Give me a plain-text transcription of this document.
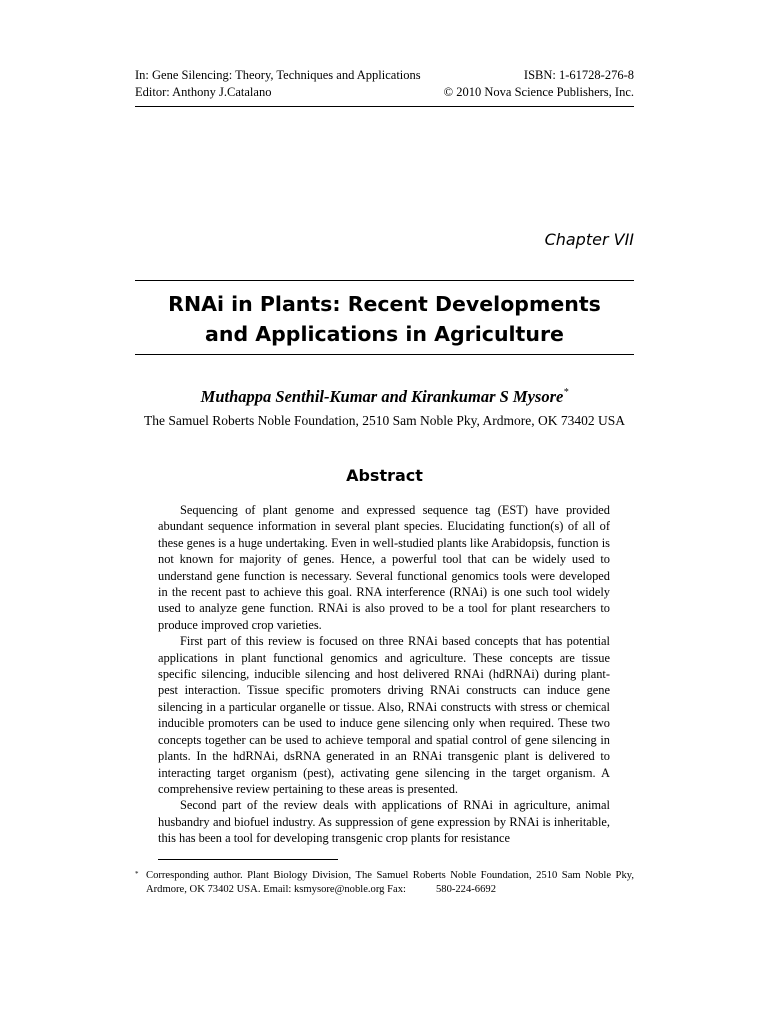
In: Gene Silencing: Theory, Techniques and Applications	ISBN: 1-61728-276-8
Editor: Anthony J.Catalano	© 2010 Nova Science Publishers, Inc.
Chapter VII
RNAi in Plants: Recent Developments
and Applications in Agriculture
Muthappa Senthil-Kumar and Kirankumar S Mysore*
The Samuel Roberts Noble Foundation, 2510 Sam Noble Pky, Ardmore, OK 73402 USA
Abstract

Sequencing of plant genome and expressed sequence tag (EST) have provided abundant sequence information in several plant species. Elucidating function(s) of all of these genes is a huge undertaking. Even in well-studied plants like Arabidopsis, function is not known for majority of genes. Hence, a powerful tool that can be widely used to understand gene function is necessary. Several functional genomics tools were developed in the recent past to achieve this goal. RNA interference (RNAi) is one such tool widely used to analyze gene function. RNAi is also proved to be a tool for plant researchers to produce improved crop varieties.

First part of this review is focused on three RNAi based concepts that has potential applications in plant functional genomics and agriculture. These concepts are tissue specific silencing, inducible silencing and host delivered RNAi (hdRNAi) during plant-pest interaction. Tissue specific promoters driving RNAi constructs can induce gene silencing in a particular organelle or tissue. Also, RNAi constructs with stress or chemical inducible promoters can be used to induce gene silencing only when required. These two concepts together can be used to achieve temporal and spatial control of gene silencing in plants. In the hdRNAi, dsRNA generated in an RNAi transgenic plant is delivered to interacting target organism (pest), activating gene silencing in the target organism. A comprehensive review pertaining to these areas is presented.

Second part of the review deals with applications of RNAi in agriculture, animal husbandry and biofuel industry. As suppression of gene expression by RNAi is inheritable, this has been a tool for developing transgenic crop plants for resistance

* Corresponding author. Plant Biology Division, The Samuel Roberts Noble Foundation, 2510 Sam Noble Pky, Ardmore, OK 73402 USA. Email: ksmysore@noble.org Fax:	580-224-6692
